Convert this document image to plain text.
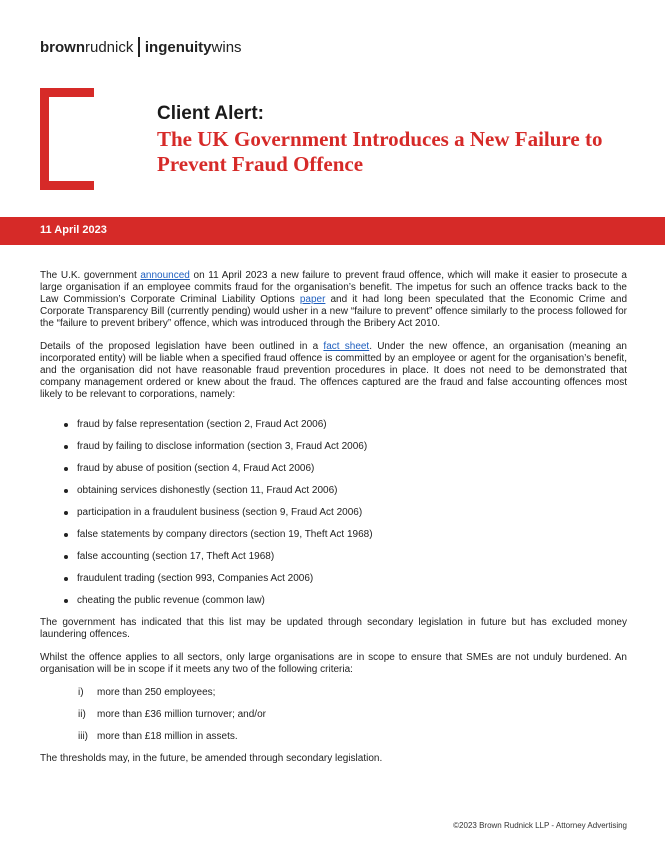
brown rudnick ingenuity wins
Client Alert:
The UK Government Introduces a New Failure to Prevent Fraud Offence
11 April 2023

The U.K. government announced on 11 April 2023 a new failure to prevent fraud offence, which will make it easier to prosecute a large organisation if an employee commits fraud for the organisation’s benefit. The impetus for such an offence tracks back to the Law Commission’s Corporate Criminal Liability Options paper and it had long been speculated that the Economic Crime and Corporate Transparency Bill (currently pending) would usher in a new “failure to prevent” offence similarly to the process followed for the “failure to prevent bribery” offence, which was introduced through the Bribery Act 2010.

Details of the proposed legislation have been outlined in a fact sheet. Under the new offence, an organisation (meaning an incorporated entity) will be liable when a specified fraud offence is committed by an employee or agent for the organisation’s benefit, and the organisation did not have reasonable fraud prevention procedures in place. It does not need to be demonstrated that company management ordered or knew about the fraud. The offences captured are the fraud and false accounting offences most likely to be relevant to corporations, namely:

fraud by false representation (section 2, Fraud Act 2006)
fraud by failing to disclose information (section 3, Fraud Act 2006)
fraud by abuse of position (section 4, Fraud Act 2006)
obtaining services dishonestly (section 11, Fraud Act 2006)
participation in a fraudulent business (section 9, Fraud Act 2006)
false statements by company directors (section 19, Theft Act 1968)
false accounting (section 17, Theft Act 1968)
fraudulent trading (section 993, Companies Act 2006)
cheating the public revenue (common law)

The government has indicated that this list may be updated through secondary legislation in future but has excluded money laundering offences.

Whilst the offence applies to all sectors, only large organisations are in scope to ensure that SMEs are not unduly burdened. An organisation will be in scope if it meets any two of the following criteria:

i) more than 250 employees;
ii) more than £36 million turnover; and/or
iii) more than £18 million in assets.

The thresholds may, in the future, be amended through secondary legislation.

©2023 Brown Rudnick LLP - Attorney Advertising
